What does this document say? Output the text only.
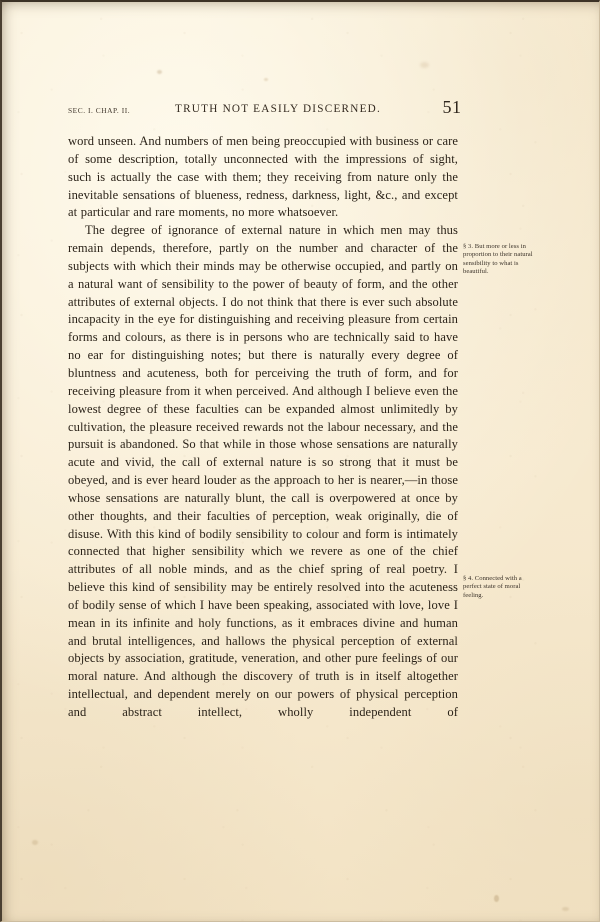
SEC. I. CHAP. II.	TRUTH NOT EASILY DISCERNED.	51

word unseen. And numbers of men being preoccupied with business or care of some description, totally unconnected with the impressions of sight, such is actually the case with them; they receiving from nature only the inevitable sensations of blueness, redness, darkness, light, &c., and except at particular and rare moments, no more whatsoever.

The degree of ignorance of external nature in which men may thus remain depends, therefore, partly on the number and character of the subjects with which their minds may be otherwise occupied, and partly on a natural want of sensibility to the power of beauty of form, and the other attributes of external objects. I do not think that there is ever such absolute incapacity in the eye for distinguishing and receiving pleasure from certain forms and colours, as there is in persons who are technically said to have no ear for distinguishing notes; but there is naturally every degree of bluntness and acuteness, both for perceiving the truth of form, and for receiving pleasure from it when perceived. And although I believe even the lowest degree of these faculties can be expanded almost unlimitedly by cultivation, the pleasure received rewards not the labour necessary, and the pursuit is abandoned. So that while in those whose sensations are naturally acute and vivid, the call of external nature is so strong that it must be obeyed, and is ever heard louder as the approach to her is nearer,—in those whose sensations are naturally blunt, the call is overpowered at once by other thoughts, and their faculties of perception, weak originally, die of disuse. With this kind of bodily sensibility to colour and form is intimately connected that higher sensibility which we revere as one of the chief attributes of all noble minds, and as the chief spring of real poetry. I believe this kind of sensibility may be entirely resolved into the acuteness of bodily sense of which I have been speaking, associated with love, love I mean in its infinite and holy functions, as it embraces divine and human and brutal intelligences, and hallows the physical perception of external objects by association, gratitude, veneration, and other pure feelings of our moral nature. And although the discovery of truth is in itself altogether intellectual, and dependent merely on our powers of physical perception and abstract intellect, wholly independent of

§ 3. But more or less in proportion to their natural sensibility to what is beautiful.
§ 4. Connected with a perfect state of moral feeling.
